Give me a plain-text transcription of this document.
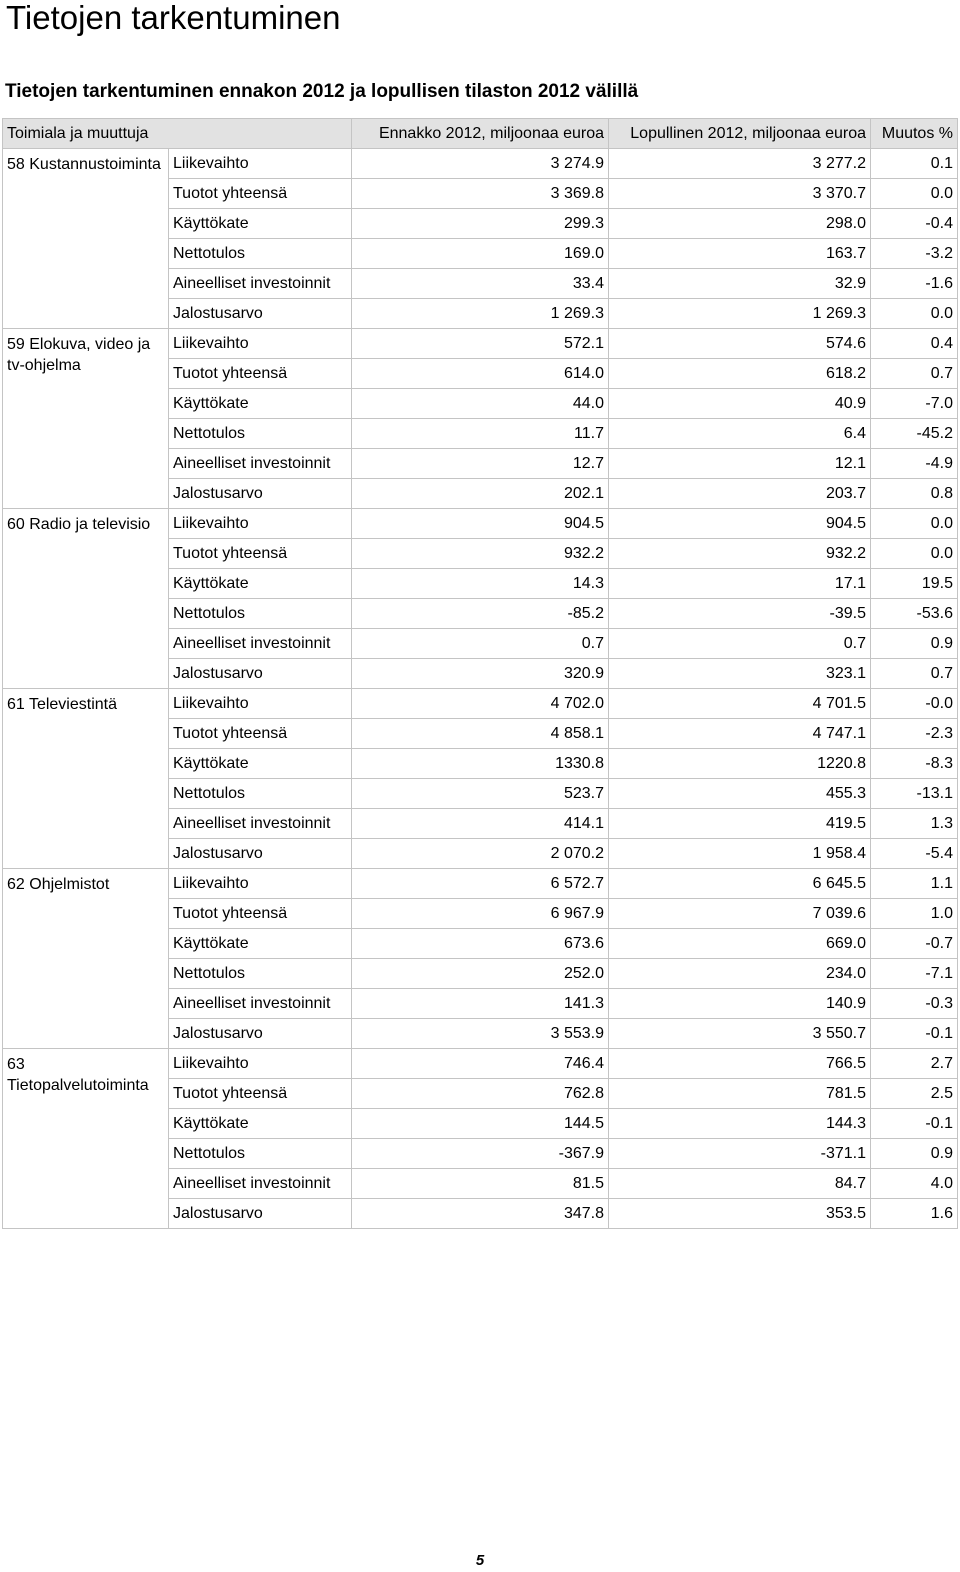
Tietojen tarkentuminen
Tietojen tarkentuminen ennakon 2012 ja lopullisen tilaston 2012 välillä
Toimiala ja muuttuja		Ennakko 2012, miljoonaa euroa	Lopullinen 2012, miljoonaa euroa	Muutos %
58 Kustannustoiminta	Liikevaihto	3 274.9	3 277.2	0.1
	Tuotot yhteensä	3 369.8	3 370.7	0.0
	Käyttökate	299.3	298.0	-0.4
	Nettotulos	169.0	163.7	-3.2
	Aineelliset investoinnit	33.4	32.9	-1.6
	Jalostusarvo	1 269.3	1 269.3	0.0
59 Elokuva, video ja tv-ohjelma	Liikevaihto	572.1	574.6	0.4
	Tuotot yhteensä	614.0	618.2	0.7
	Käyttökate	44.0	40.9	-7.0
	Nettotulos	11.7	6.4	-45.2
	Aineelliset investoinnit	12.7	12.1	-4.9
	Jalostusarvo	202.1	203.7	0.8
60 Radio ja televisio	Liikevaihto	904.5	904.5	0.0
	Tuotot yhteensä	932.2	932.2	0.0
	Käyttökate	14.3	17.1	19.5
	Nettotulos	-85.2	-39.5	-53.6
	Aineelliset investoinnit	0.7	0.7	0.9
	Jalostusarvo	320.9	323.1	0.7
61 Televiestintä	Liikevaihto	4 702.0	4 701.5	-0.0
	Tuotot yhteensä	4 858.1	4 747.1	-2.3
	Käyttökate	1330.8	1220.8	-8.3
	Nettotulos	523.7	455.3	-13.1
	Aineelliset investoinnit	414.1	419.5	1.3
	Jalostusarvo	2 070.2	1 958.4	-5.4
62 Ohjelmistot	Liikevaihto	6 572.7	6 645.5	1.1
	Tuotot yhteensä	6 967.9	7 039.6	1.0
	Käyttökate	673.6	669.0	-0.7
	Nettotulos	252.0	234.0	-7.1
	Aineelliset investoinnit	141.3	140.9	-0.3
	Jalostusarvo	3 553.9	3 550.7	-0.1
63 Tietopalvelutoiminta	Liikevaihto	746.4	766.5	2.7
	Tuotot yhteensä	762.8	781.5	2.5
	Käyttökate	144.5	144.3	-0.1
	Nettotulos	-367.9	-371.1	0.9
	Aineelliset investoinnit	81.5	84.7	4.0
	Jalostusarvo	347.8	353.5	1.6
5
